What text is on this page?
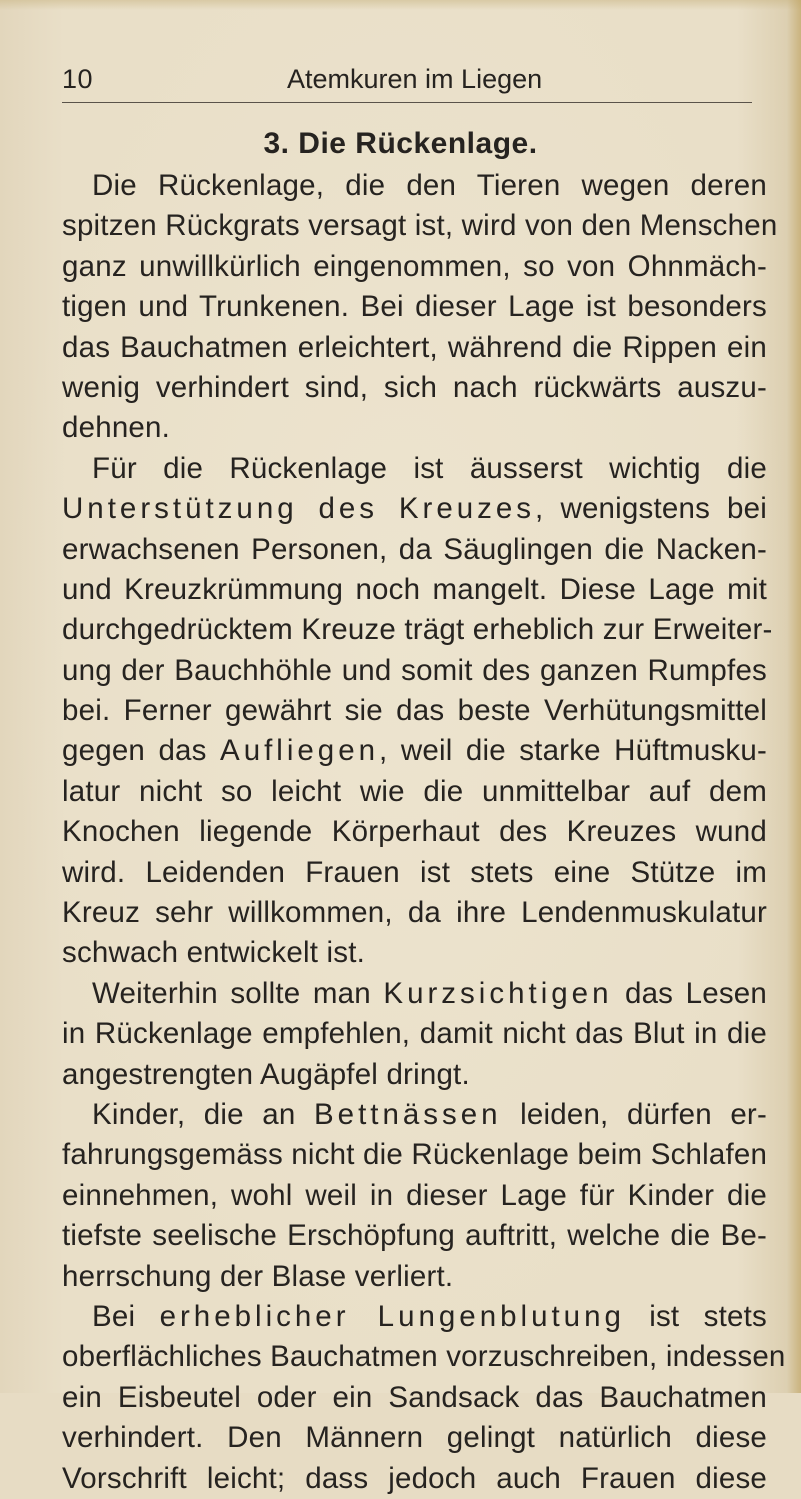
10	Atemkuren im Liegen
3. Die Rückenlage.
Die Rückenlage, die den Tieren wegen deren
spitzen Rückgrats versagt ist, wird von den Menschen
ganz unwillkürlich eingenommen, so von Ohnmäch-
tigen und Trunkenen. Bei dieser Lage ist besonders
das Bauchatmen erleichtert, während die Rippen ein
wenig verhindert sind, sich nach rückwärts auszu-
dehnen.
Für die Rückenlage ist äusserst wichtig die
Unterstützung des Kreuzes, wenigstens bei
erwachsenen Personen, da Säuglingen die Nacken-
und Kreuzkrümmung noch mangelt. Diese Lage mit
durchgedrücktem Kreuze trägt erheblich zur Erweiter-
ung der Bauchhöhle und somit des ganzen Rumpfes
bei. Ferner gewährt sie das beste Verhütungsmittel
gegen das Aufliegen, weil die starke Hüftmusku-
latur nicht so leicht wie die unmittelbar auf dem
Knochen liegende Körperhaut des Kreuzes wund
wird. Leidenden Frauen ist stets eine Stütze im
Kreuz sehr willkommen, da ihre Lendenmuskulatur
schwach entwickelt ist.
Weiterhin sollte man Kurzsichtigen das Lesen
in Rückenlage empfehlen, damit nicht das Blut in die
angestrengten Augäpfel dringt.
Kinder, die an Bettnässen leiden, dürfen er-
fahrungsgemäss nicht die Rückenlage beim Schlafen
einnehmen, wohl weil in dieser Lage für Kinder die
tiefste seelische Erschöpfung auftritt, welche die Be-
herrschung der Blase verliert.
Bei erheblicher Lungenblutung ist stets
oberflächliches Bauchatmen vorzuschreiben, indessen
ein Eisbeutel oder ein Sandsack das Bauchatmen
verhindert. Den Männern gelingt natürlich diese
Vorschrift leicht; dass jedoch auch Frauen diese
